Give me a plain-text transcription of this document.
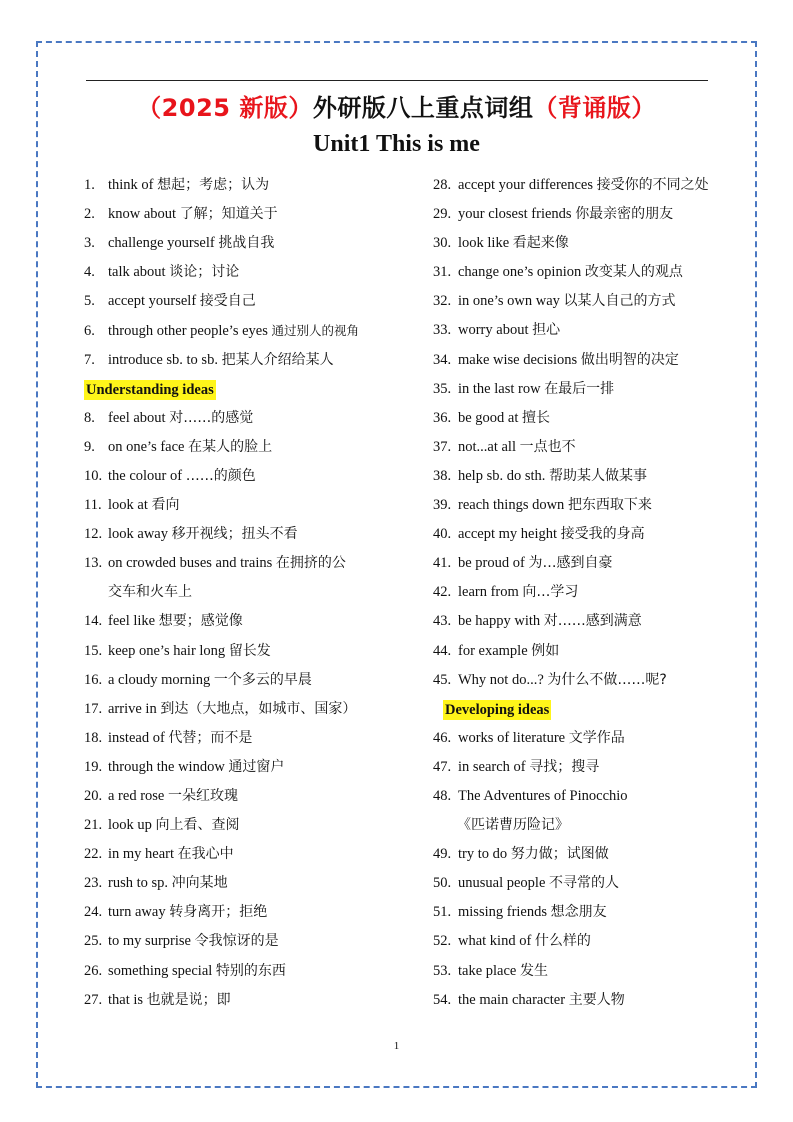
（2025 新版）外研版八上重点词组（背诵版）
Unit1 This is me
1. think of 想起；考虑；认为
2. know about 了解；知道关于
3. challenge yourself 挑战自我
4. talk about 谈论；讨论
5. accept yourself 接受自己
6. through other people’s eyes 通过别人的视角
7. introduce sb. to sb. 把某人介绍给某人
Understanding ideas
8. feel about 对……的感觉
9. on one’s face 在某人的脸上
10. the colour of ……的颜色
11. look at 看向
12. look away 移开视线；扭头不看
13. on crowded buses and trains 在拥挤的公
交车和火车上
14. feel like 想要；感觉像
15. keep one’s hair long 留长发
16. a cloudy morning 一个多云的早晨
17. arrive in 到达（大地点，如城市、国家）
18. instead of 代替；而不是
19. through the window 通过窗户
20. a red rose 一朵红玫瑰
21. look up 向上看、查阅
22. in my heart 在我心中
23. rush to sp. 冲向某地
24. turn away 转身离开；拒绝
25. to my surprise 令我惊讶的是
26. something special 特别的东西
27. that is 也就是说；即
28. accept your differences 接受你的不同之处
29. your closest friends 你最亲密的朋友
30. look like 看起来像
31. change one’s opinion 改变某人的观点
32. in one’s own way 以某人自己的方式
33. worry about 担心
34. make wise decisions 做出明智的决定
35. in the last row 在最后一排
36. be good at 擅长
37. not...at all 一点也不
38. help sb. do sth. 帮助某人做某事
39. reach things down 把东西取下来
40. accept my height 接受我的身高
41. be proud of 为…感到自豪
42. learn from 向…学习
43. be happy with 对……感到满意
44. for example 例如
45. Why not do...? 为什么不做……呢?
Developing ideas
46. works of literature 文学作品
47. in search of 寻找；搜寻
48. The Adventures of Pinocchio
《匹诺曹历险记》
49. try to do 努力做；试图做
50. unusual people 不寻常的人
51. missing friends 想念朋友
52. what kind of 什么样的
53. take place 发生
54. the main character 主要人物
1
